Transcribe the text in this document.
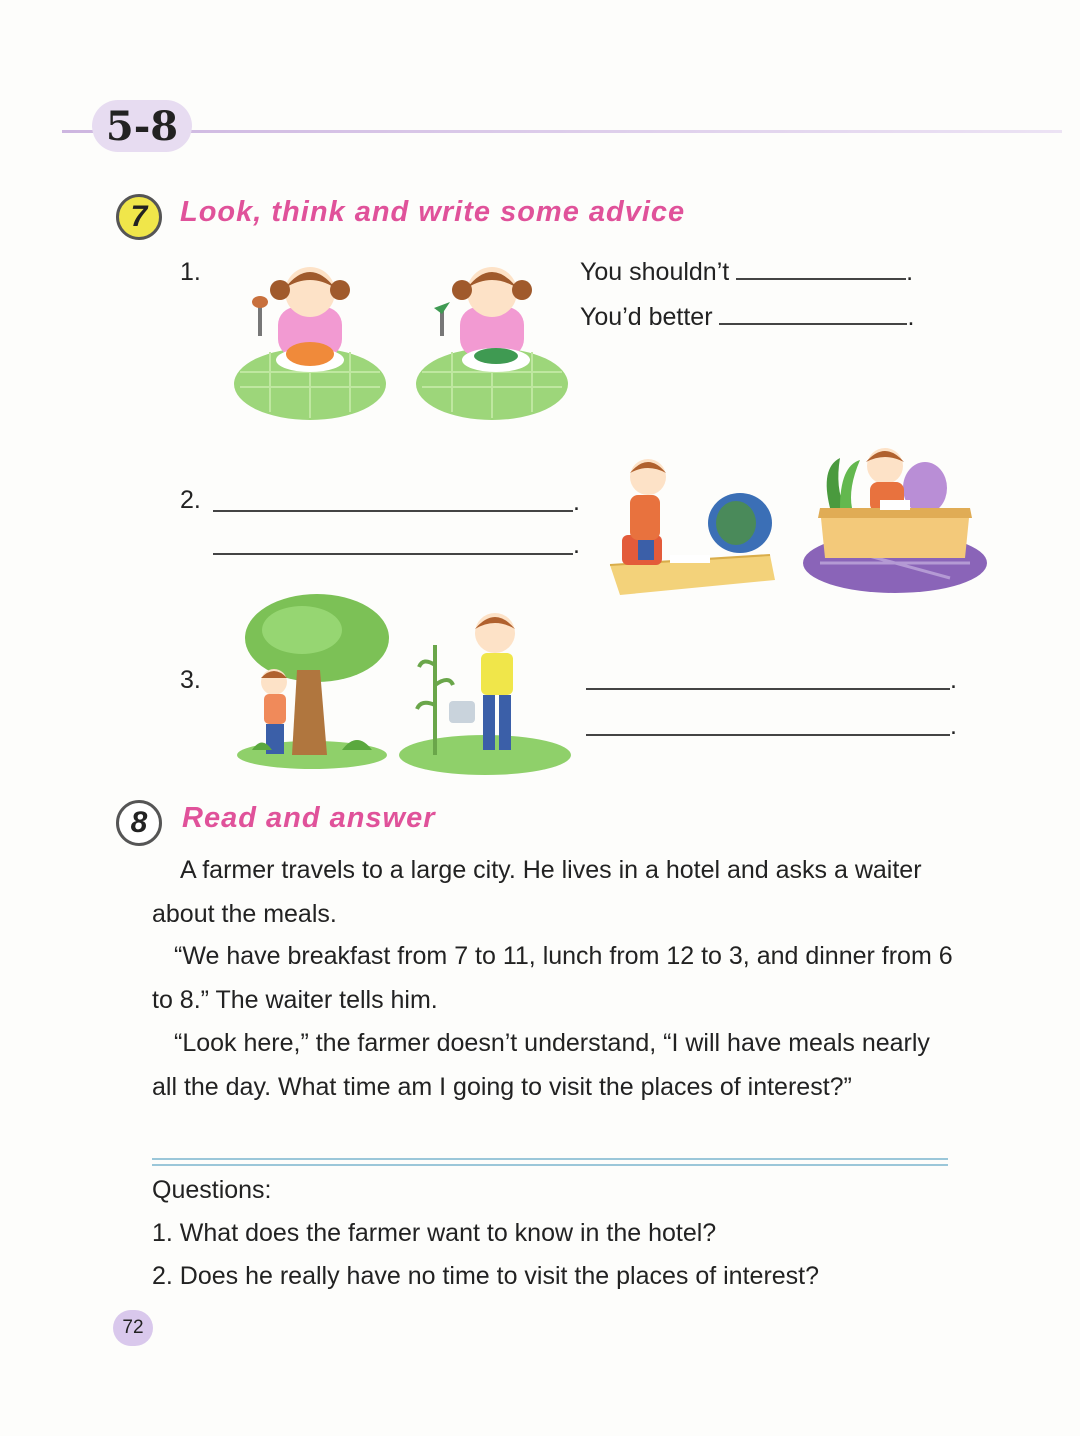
5-8
7 Look, think and write some advice
1.	You shouldn’t	.
You’d better	.
2.	.
.
3.	.
.
8 Read and answer
A farmer travels to a large city. He lives in a hotel and asks a waiter about the meals.
“We have breakfast from 7 to 11, lunch from 12 to 3, and dinner from 6 to 8.” The waiter tells him.
“Look here,” the farmer doesn’t understand, “I will have meals nearly all the day. What time am I going to visit the places of interest?”
Questions:
1. What does the farmer want to know in the hotel?
2. Does he really have no time to visit the places of interest?
72
